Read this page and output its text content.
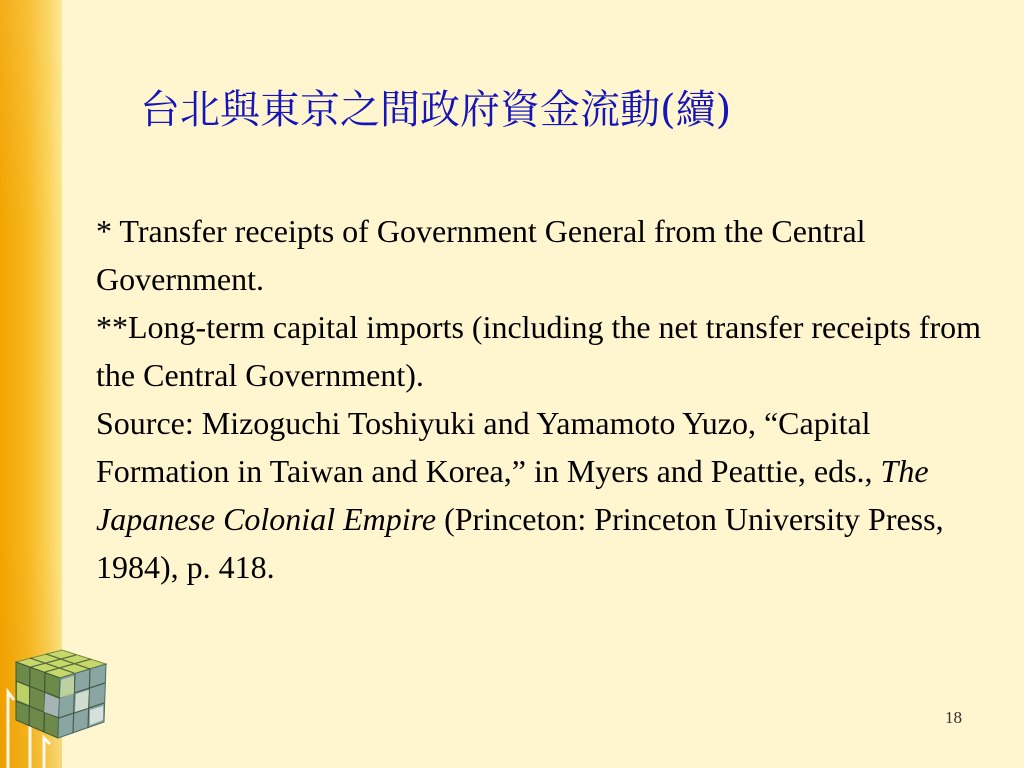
台北與東京之間政府資金流動(續)

* Transfer receipts of Government General from the Central Government.

**Long-term capital imports (including the net transfer receipts from the Central Government).

Source: Mizoguchi Toshiyuki and Yamamoto Yuzo, “Capital Formation in Taiwan and Korea,” in Myers and Peattie, eds., The Japanese Colonial Empire (Princeton: Princeton University Press, 1984), p. 418.

18
